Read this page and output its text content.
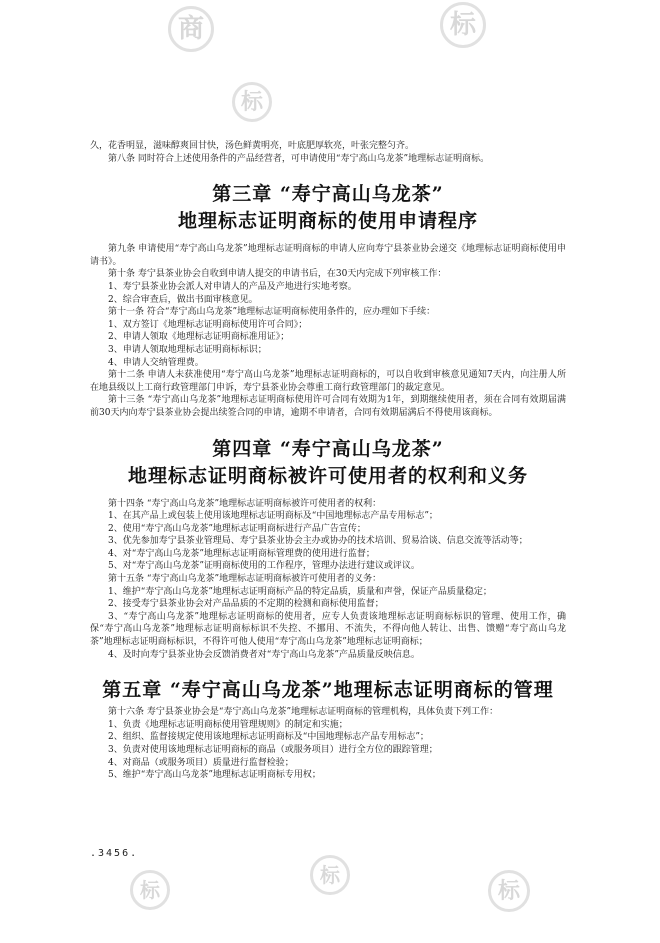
商	标
标
标
标
标

久，花香明显，滋味醇爽回甘快，汤色鲜黄明亮，叶底肥厚软亮，叶张完整匀齐。

第八条 同时符合上述使用条件的产品经营者，可申请使用“寿宁高山乌龙茶”地理标志证明商标。

第三章 “寿宁高山乌龙茶”
地理标志证明商标的使用申请程序

第九条 申请使用“寿宁高山乌龙茶”地理标志证明商标的申请人应向寿宁县茶业协会递交《地理标志证明商标使用申请书》。

第十条 寿宁县茶业协会自收到申请人提交的申请书后，在30天内完成下列审核工作：

1、寿宁县茶业协会派人对申请人的产品及产地进行实地考察。

2、综合审查后，做出书面审核意见。

第十一条 符合“寿宁高山乌龙茶”地理标志证明商标使用条件的，应办理如下手续：

1、双方签订《地理标志证明商标使用许可合同》；

2、申请人领取《地理标志证明商标准用证》；

3、申请人领取地理标志证明商标标识；

4、申请人交纳管理费。

第十二条 申请人未获准使用“寿宁高山乌龙茶”地理标志证明商标的，可以自收到审核意见通知7天内，向注册人所在地县级以上工商行政管理部门申诉，寿宁县茶业协会尊重工商行政管理部门的裁定意见。

第十三条 “寿宁高山乌龙茶”地理标志证明商标使用许可合同有效期为1年，到期继续使用者，须在合同有效期届满前30天内向寿宁县茶业协会提出续签合同的申请，逾期不申请者，合同有效期届满后不得使用该商标。

第四章 “寿宁高山乌龙茶”
地理标志证明商标被许可使用者的权利和义务

第十四条 “寿宁高山乌龙茶”地理标志证明商标被许可使用者的权利：

1、在其产品上或包装上使用该地理标志证明商标及“中国地理标志产品专用标志”；

2、使用“寿宁高山乌龙茶”地理标志证明商标进行产品广告宣传；

3、优先参加寿宁县茶业管理局、寿宁县茶业协会主办或协办的技术培训、贸易洽谈、信息交流等活动等；

4、对“寿宁高山乌龙茶”地理标志证明商标管理费的使用进行监督；

5、对“寿宁高山乌龙茶”证明商标使用的工作程序，管理办法进行建议或评议。

第十五条 “寿宁高山乌龙茶”地理标志证明商标被许可使用者的义务：

1、维护“寿宁高山乌龙茶”地理标志证明商标产品的特定品质，质量和声誉，保证产品质量稳定；

2、接受寿宁县茶业协会对产品品质的不定期的检测和商标使用监督；

3、“寿宁高山乌龙茶”地理标志证明商标的使用者，应专人负责该地理标志证明商标标识的管理、使用工作，确保“寿宁高山乌龙茶”地理标志证明商标标识不失控、不挪用、不流失，不得向他人转让、出售、馈赠“寿宁高山乌龙茶”地理标志证明商标标识，不得许可他人使用“寿宁高山乌龙茶”地理标志证明商标；

4、及时向寿宁县茶业协会反馈消费者对“寿宁高山乌龙茶”产品质量反映信息。

第五章 “寿宁高山乌龙茶”地理标志证明商标的管理

第十六条 寿宁县茶业协会是“寿宁高山乌龙茶”地理标志证明商标的管理机构，具体负责下列工作：

1、负责《地理标志证明商标使用管理规则》的制定和实施；

2、组织、监督接规定使用该地理标志证明商标及“中国地理标志产品专用标志”；

3、负责对使用该地理标志证明商标的商品（或服务项目）进行全方位的跟踪管理；

4、对商品（或服务项目）质量进行监督检验；

5、维护“寿宁高山乌龙茶”地理标志证明商标专用权；

.3456.
